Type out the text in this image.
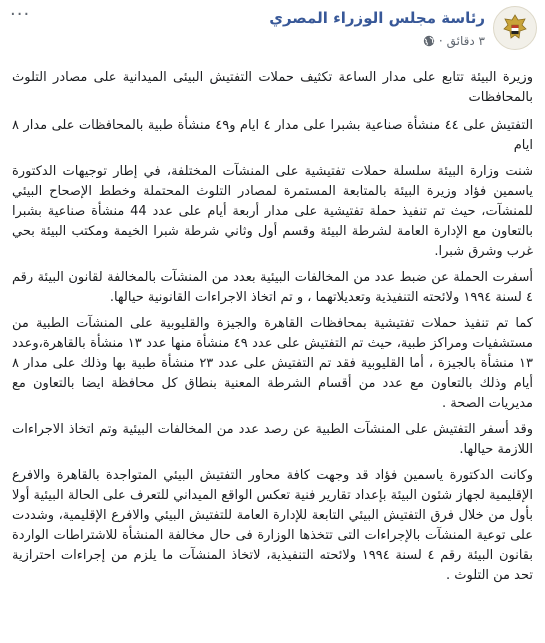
رئاسة مجلس الوزراء المصري
٣ دقائق
·
···

وزيرة البيئة تتابع على مدار الساعة تكثيف حملات التفتيش البيئى الميدانية على مصادر التلوث بالمحافظات

التفتيش على ٤٤ منشأة صناعية بشبرا على مدار ٤ ايام و٤٩ منشأة طبية بالمحافظات على مدار ٨ ايام

شنت وزارة البيئة سلسلة حملات تفتيشية على المنشآت المختلفة، في إطار توجيهات الدكتورة ياسمين فؤاد وزيرة البيئة بالمتابعة المستمرة لمصادر التلوث المحتملة وخطط الإصحاح البيئي للمنشآت، حيث تم تنفيذ حملة تفتيشية على مدار أربعة أيام على عدد 44 منشأة صناعية بشبرا بالتعاون مع الإدارة العامة لشرطة البيئة وقسم أول وثاني شرطة شبرا الخيمة ومكتب البيئة بحي غرب وشرق شبرا.

أسفرت الحملة عن ضبط عدد من المخالفات البيئية بعدد من المنشآت بالمخالفة لقانون البيئة رقم ٤ لسنة ١٩٩٤ ولائحته التنفيذية وتعديلاتهما ، و تم اتخاذ الاجراءات القانونية حيالها.

كما تم تنفيذ حملات تفتيشية بمحافظات القاهرة والجيزة والقليوبية على المنشآت الطبية من مستشفيات ومراكز طبية، حيث تم التفتيش على عدد ٤٩ منشأة منها عدد ١٣ منشأة بالقاهرة،وعدد ١٣ منشأة بالجيزة ، أما القليوبية فقد تم التفتيش على عدد ٢٣ منشأة طبية بها وذلك على مدار ٨ أيام وذلك بالتعاون مع عدد من أقسام الشرطة المعنية بنطاق كل محافظة ايضا بالتعاون مع مديريات الصحة .

وقد أسفر التفتيش على المنشآت الطبية عن رصد عدد من المخالفات البيئية وتم اتخاذ الاجراءات اللازمة حيالها.

وكانت الدكتورة ياسمين فؤاد قد وجهت كافة محاور التفتيش البيئي المتواجدة بالقاهرة والافرع الإقليمية لجهاز شئون البيئة بإعداد تقارير فنية تعكس الواقع الميداني للتعرف على الحالة البيئية أولا بأول من خلال فرق التفتيش البيئي التابعة للإدارة العامة للتفتيش البيئي والافرع الإقليمية، وشددت على توعية المنشآت بالإجراءات التى تتخذها الوزارة فى حال مخالفة المنشأة للاشتراطات الواردة بقانون البيئة رقم ٤ لسنة ١٩٩٤ ولائحته التنفيذية، لاتخاذ المنشآت ما يلزم من إجراءات احترازية تحد من التلوث .
